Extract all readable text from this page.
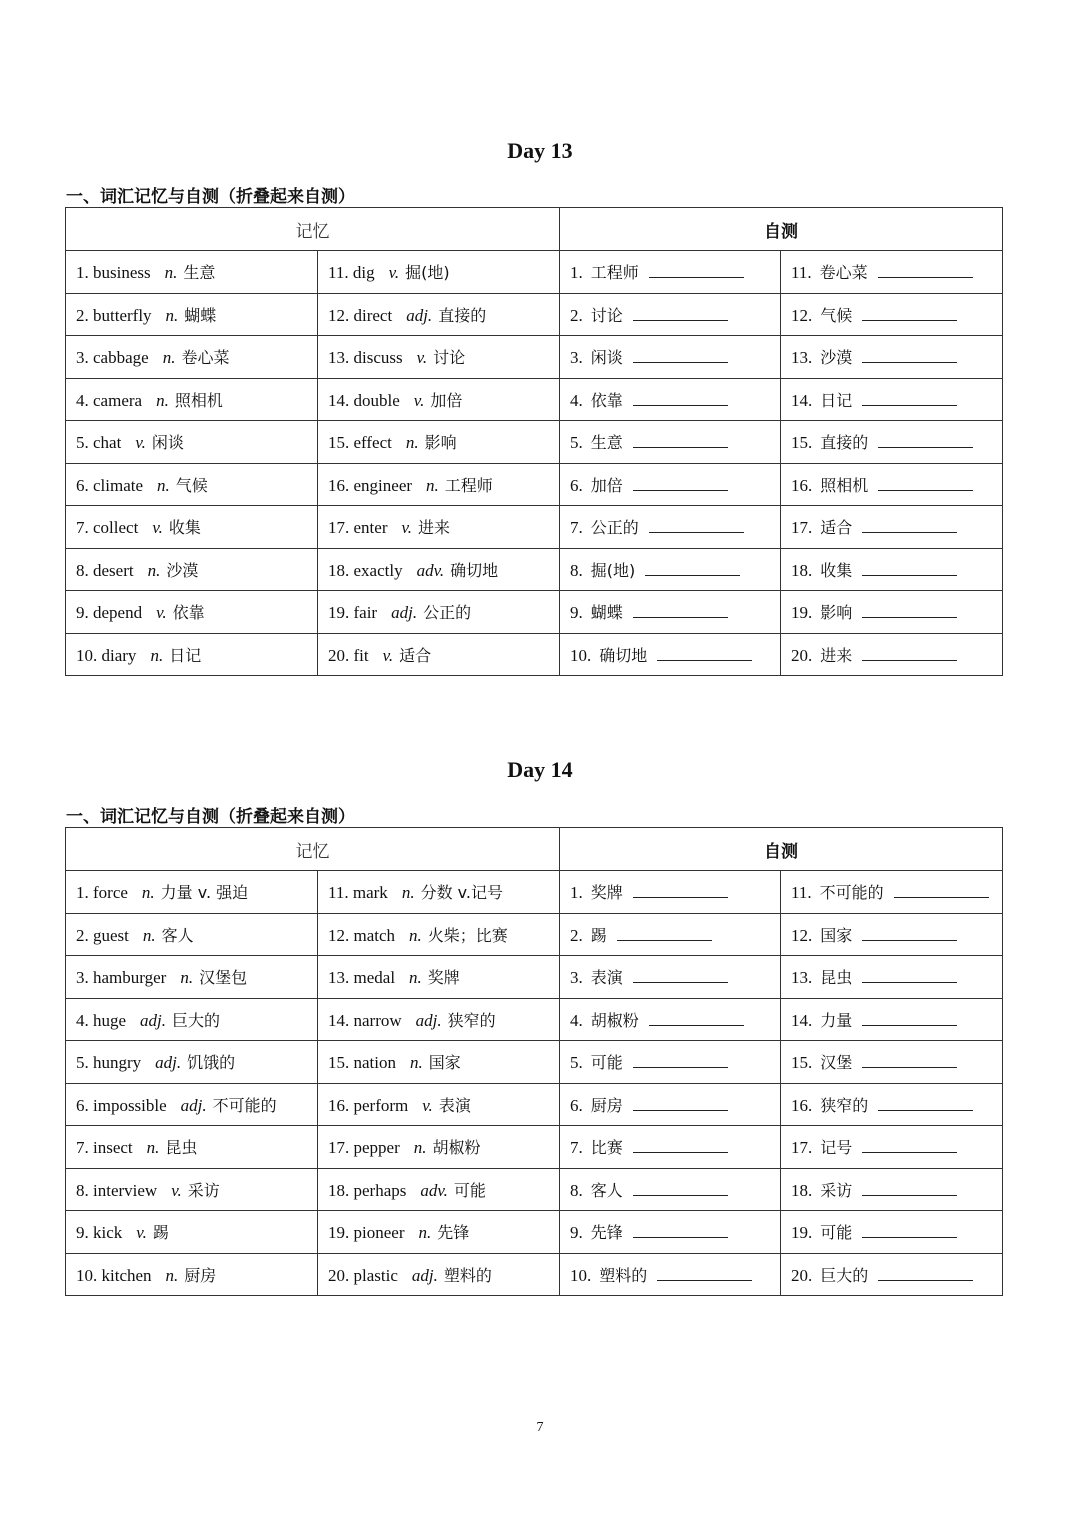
Day 13
一、词汇记忆与自测（折叠起来自测）
记忆		自测	
1. business n. 生意	11. dig v. 掘(地)	1. 工程师	11. 卷心菜
2. butterfly n. 蝴蝶	12. direct adj. 直接的	2. 讨论	12. 气候
3. cabbage n. 卷心菜	13. discuss v. 讨论	3. 闲谈	13. 沙漠
4. camera n. 照相机	14. double v. 加倍	4. 依靠	14. 日记
5. chat v. 闲谈	15. effect n. 影响	5. 生意	15. 直接的
6. climate n. 气候	16. engineer n. 工程师	6. 加倍	16. 照相机
7. collect v. 收集	17. enter v. 进来	7. 公正的	17. 适合
8. desert n. 沙漠	18. exactly adv. 确切地	8. 掘(地)	18. 收集
9. depend v. 依靠	19. fair adj. 公正的	9. 蝴蝶	19. 影响
10. diary n. 日记	20. fit v. 适合	10. 确切地	20. 进来
Day 14
一、词汇记忆与自测（折叠起来自测）
记忆		自测	
1. force n. 力量 v. 强迫	11. mark n. 分数 v.记号	1. 奖牌	11. 不可能的
2. guest n. 客人	12. match n. 火柴；比赛	2. 踢	12. 国家
3. hamburger n. 汉堡包	13. medal n. 奖牌	3. 表演	13. 昆虫
4. huge adj. 巨大的	14. narrow adj. 狭窄的	4. 胡椒粉	14. 力量
5. hungry adj. 饥饿的	15. nation n. 国家	5. 可能	15. 汉堡
6. impossible adj. 不可能的	16. perform v. 表演	6. 厨房	16. 狭窄的
7. insect n. 昆虫	17. pepper n. 胡椒粉	7. 比赛	17. 记号
8. interview v. 采访	18. perhaps adv. 可能	8. 客人	18. 采访
9. kick v. 踢	19. pioneer n. 先锋	9. 先锋	19. 可能
10. kitchen n. 厨房	20. plastic adj. 塑料的	10. 塑料的	20. 巨大的
7
